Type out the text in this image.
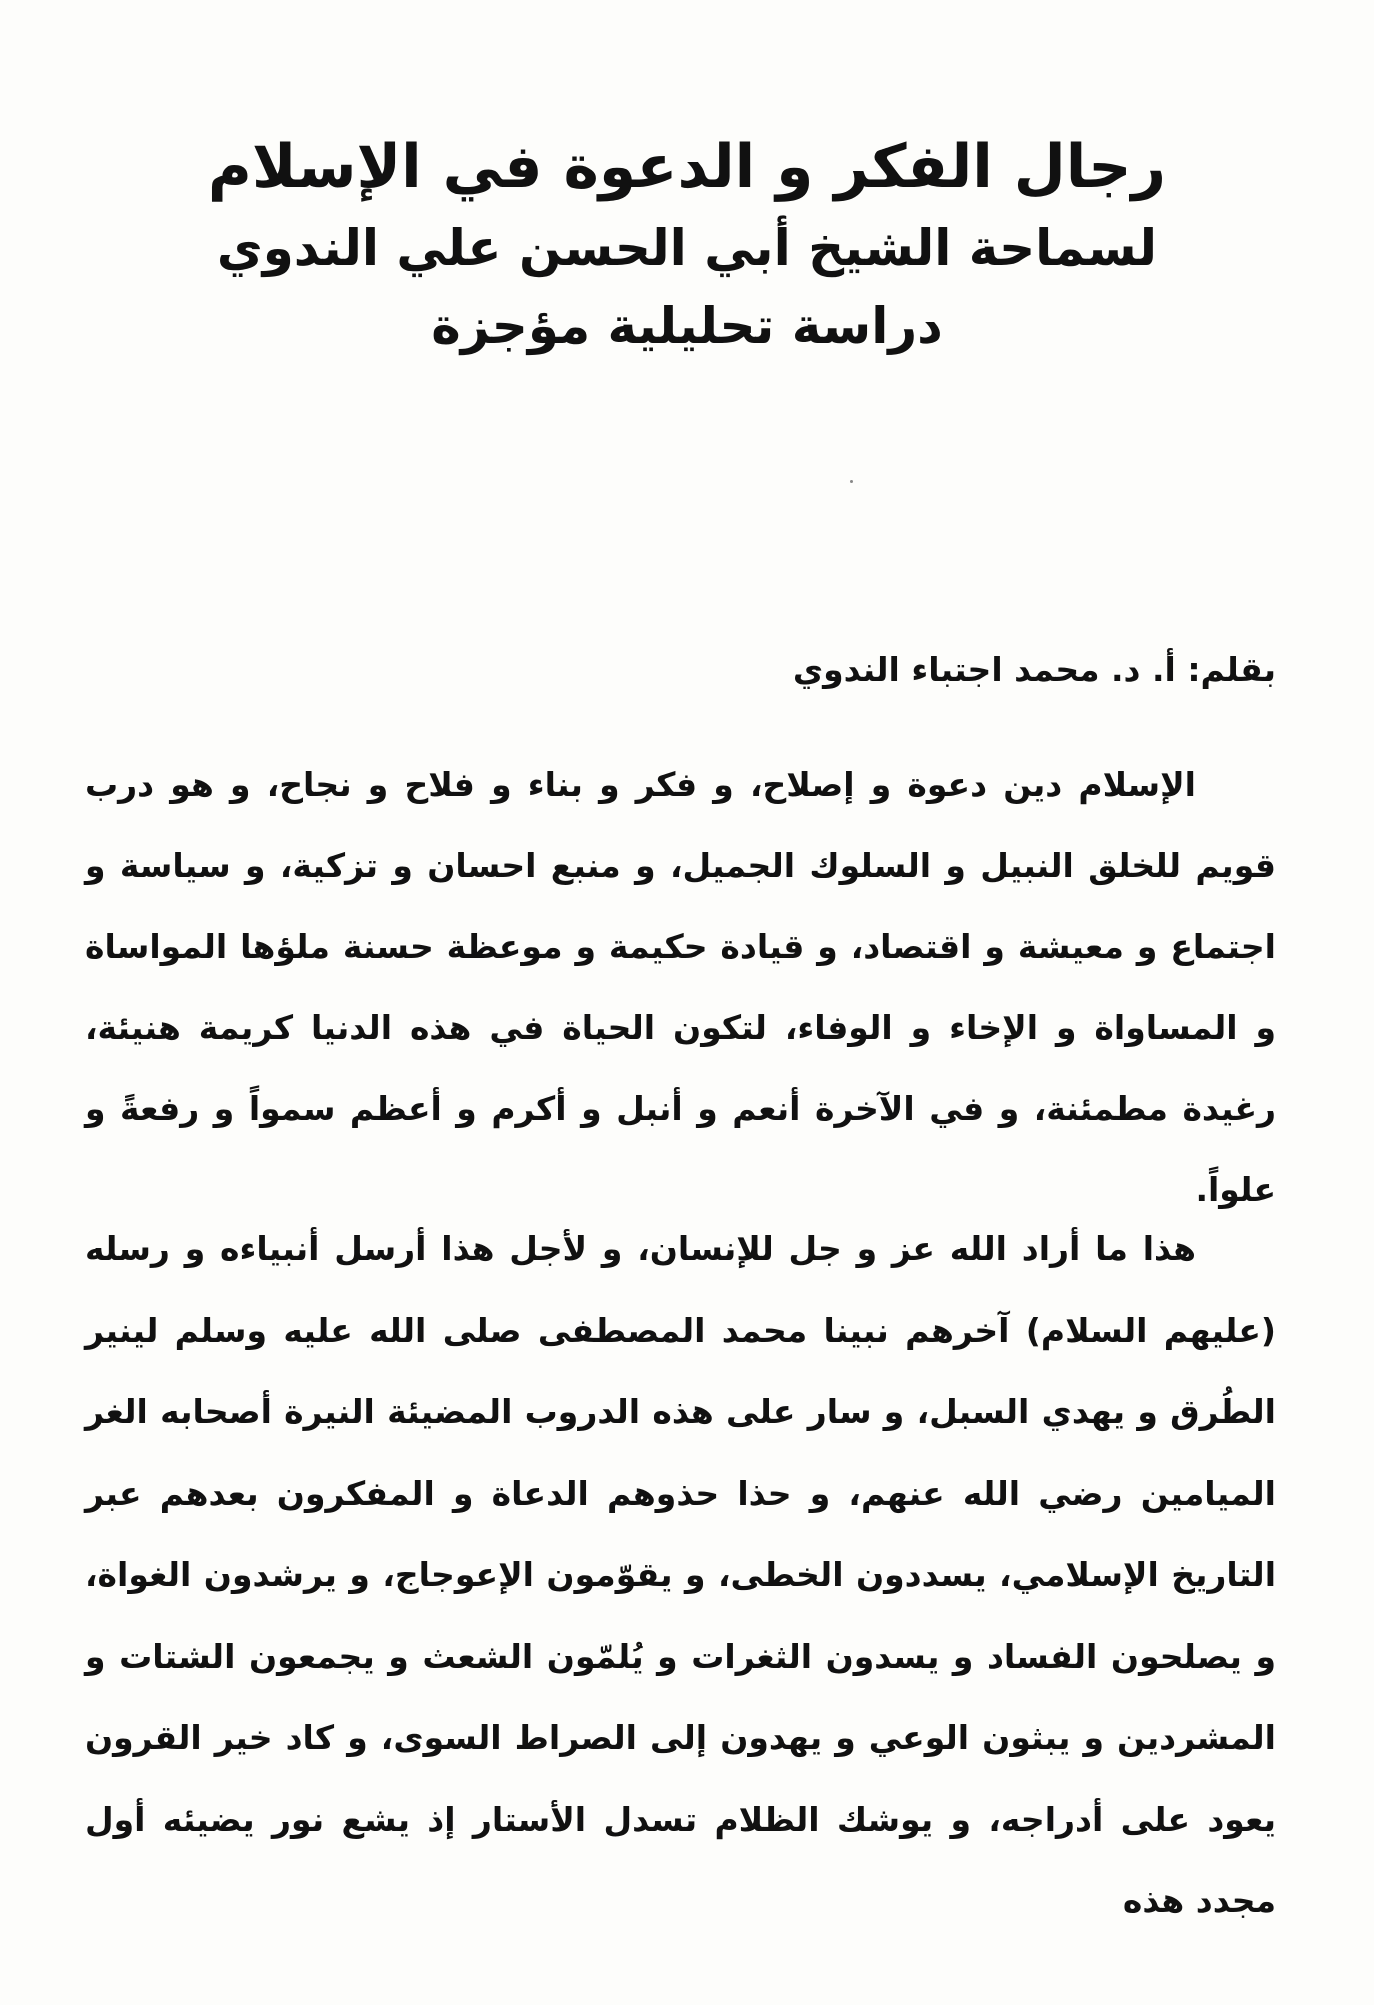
رجال الفكر و الدعوة في الإسلام
لسماحة الشيخ أبي الحسن علي الندوي
دراسة تحليلية مؤجزة
بقلم: أ. د. محمد اجتباء الندوي

الإسلام دين دعوة و إصلاح، و فكر و بناء و فلاح و نجاح، و هو درب قويم للخلق النبيل و السلوك الجميل، و منبع احسان و تزكية، و سياسة و اجتماع و معيشة و اقتصاد، و قيادة حكيمة و موعظة حسنة ملؤها المواساة و المساواة و الإخاء و الوفاء، لتكون الحياة في هذه الدنيا كريمة هنيئة، رغيدة مطمئنة، و في الآخرة أنعم و أنبل و أكرم و أعظم سمواً و رفعةً و علواً.

هذا ما أراد الله عز و جل للإنسان، و لأجل هذا أرسل أنبياءه و رسله (عليهم السلام) آخرهم نبينا محمد المصطفى صلى الله عليه وسلم لينير الطُرق و يهدي السبل، و سار على هذه الدروب المضيئة النيرة أصحابه الغر الميامين رضي الله عنهم، و حذا حذوهم الدعاة و المفكرون بعدهم عبر التاريخ الإسلامي، يسددون الخطى، و يقوّمون الإعوجاج، و يرشدون الغواة، و يصلحون الفساد و يسدون الثغرات و يُلمّون الشعث و يجمعون الشتات و المشردين و يبثون الوعي و يهدون إلى الصراط السوى، و كاد خير القرون يعود على أدراجه، و يوشك الظلام تسدل الأستار إذ يشع نور يضيئه أول مجدد هذه
